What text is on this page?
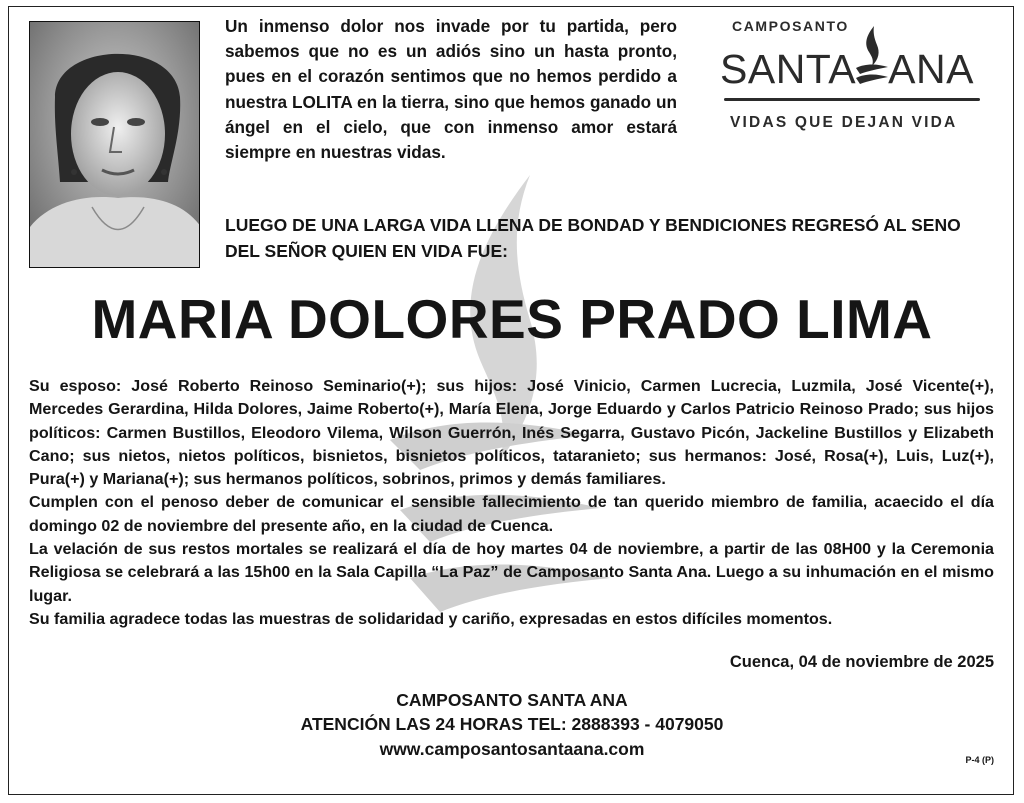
Un inmenso dolor nos invade por tu partida, pero sabemos que no es un adiós sino un hasta pronto, pues en el corazón sentimos que no hemos perdido a nuestra LOLITA en la tierra, sino que hemos ganado un ángel en el cielo, que con inmenso amor estará siempre en nuestras vidas.

CAMPOSANTO
SANTA ANA
VIDAS QUE DEJAN VIDA

LUEGO DE UNA LARGA VIDA LLENA DE BONDAD Y BENDICIONES REGRESÓ AL SENO DEL SEÑOR QUIEN EN VIDA FUE:

MARIA DOLORES PRADO LIMA

Su esposo: José Roberto Reinoso Seminario(+); sus hijos: José Vinicio, Carmen Lucrecia, Luzmila, José Vicente(+), Mercedes Gerardina, Hilda Dolores, Jaime Roberto(+), María Elena, Jorge Eduardo y Carlos Patricio Reinoso Prado; sus hijos políticos: Carmen Bustillos, Eleodoro Vilema, Wilson Guerrón, Inés Segarra, Gustavo Picón, Jackeline Bustillos y Elizabeth Cano; sus nietos, nietos políticos, bisnietos, bisnietos políticos, tataranieto; sus hermanos: José, Rosa(+), Luis, Luz(+), Pura(+) y Mariana(+); sus hermanos políticos, sobrinos, primos y demás familiares.

Cumplen con el penoso deber de comunicar el sensible fallecimiento de tan querido miembro de familia, acaecido el día domingo 02 de noviembre del presente año, en la ciudad de Cuenca.

La velación de sus restos mortales se realizará el día de hoy martes 04 de noviembre, a partir de las 08H00 y la Ceremonia Religiosa se celebrará a las 15h00 en la Sala Capilla “La Paz” de Camposanto Santa Ana. Luego a su inhumación en el mismo lugar.

Su familia agradece todas las muestras de solidaridad y cariño, expresadas en estos difíciles momentos.

Cuenca, 04 de noviembre de 2025
CAMPOSANTO SANTA ANA
ATENCIÓN LAS 24 HORAS TEL: 2888393 - 4079050
www.camposantosantaana.com
P-4 (P)
